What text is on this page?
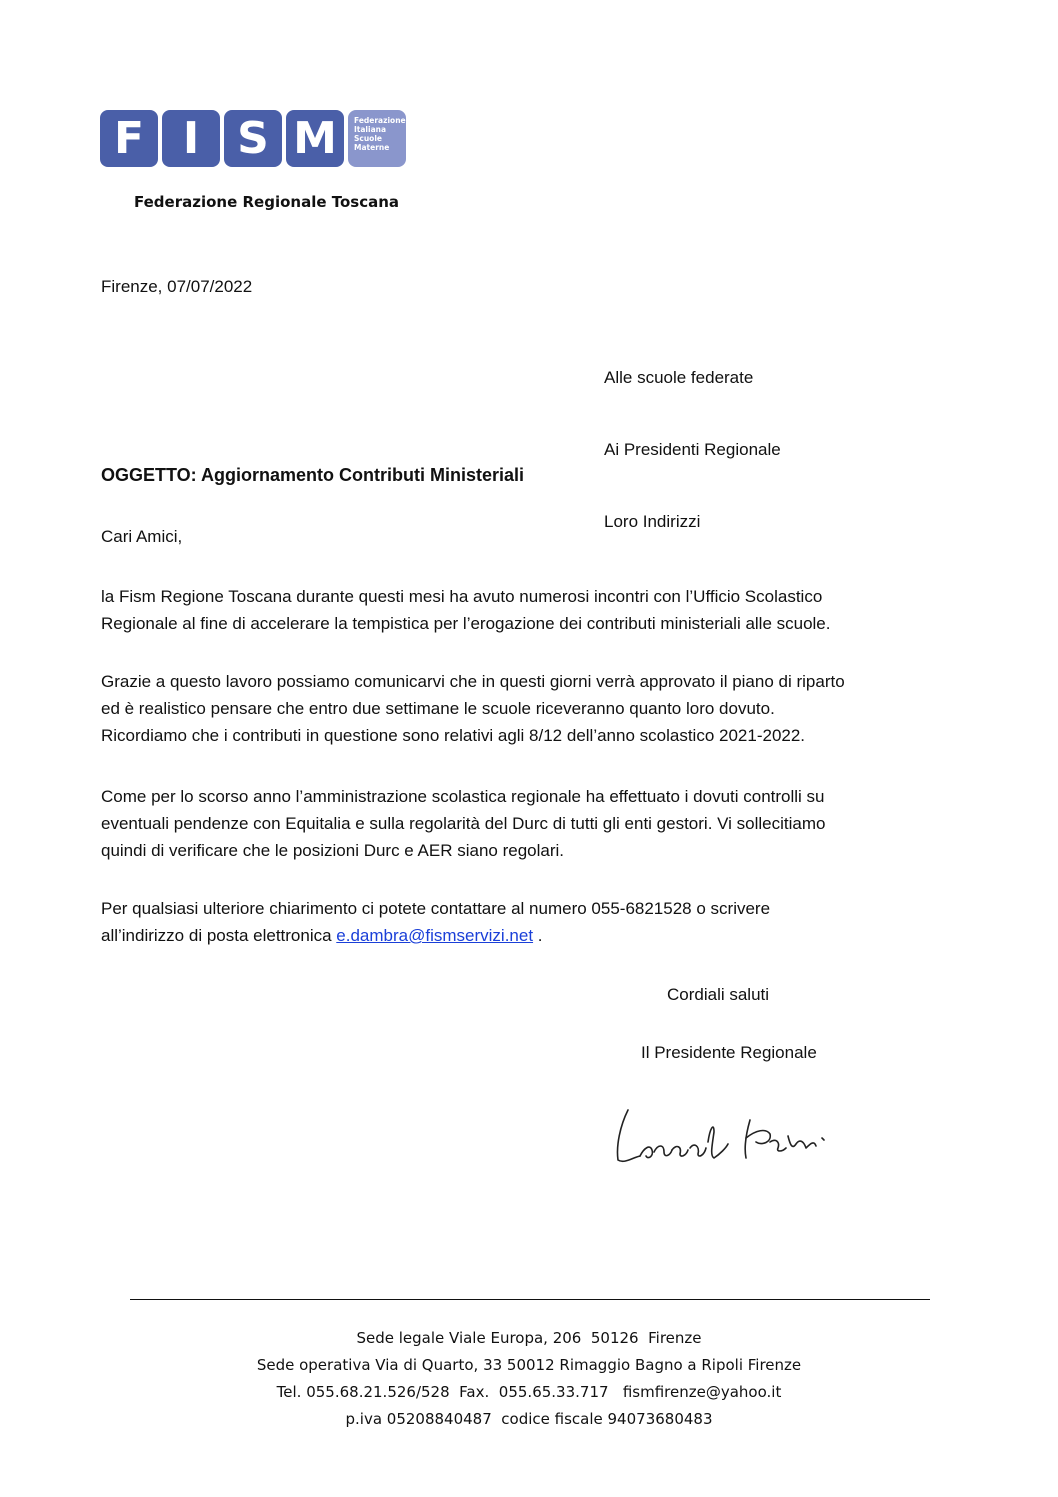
F I S M	Federazione
Italiana
Scuole
Materne
Federazione Regionale Toscana
Firenze, 07/07/2022

Alle scuole federate

Ai Presidenti Regionale

Loro Indirizzi

OGGETTO: Aggiornamento Contributi Ministeriali
Cari Amici,
la Fism Regione Toscana durante questi mesi ha avuto numerosi incontri con l’Ufficio Scolastico
Regionale al fine di accelerare la tempistica per l’erogazione dei contributi ministeriali alle scuole.
Grazie a questo lavoro possiamo comunicarvi che in questi giorni verrà approvato il piano di riparto
ed è realistico pensare che entro due settimane le scuole riceveranno quanto loro dovuto.
Ricordiamo che i contributi in questione sono relativi agli 8/12 dell’anno scolastico 2021-2022.
Come per lo scorso anno l’amministrazione scolastica regionale ha effettuato i dovuti controlli su
eventuali pendenze con Equitalia e sulla regolarità del Durc di tutti gli enti gestori. Vi sollecitiamo
quindi di verificare che le posizioni Durc e AER siano regolari.
Per qualsiasi ulteriore chiarimento ci potete contattare al numero 055-6821528 o scrivere
all’indirizzo di posta elettronica e.dambra@fismservizi.net .
Cordiali saluti
Il Presidente Regionale
Sede legale Viale Europa, 206  50126  Firenze
Sede operativa Via di Quarto, 33 50012 Rimaggio Bagno a Ripoli Firenze
Tel. 055.68.21.526/528  Fax.  055.65.33.717   fismfirenze@yahoo.it
p.iva 05208840487  codice fiscale 94073680483
